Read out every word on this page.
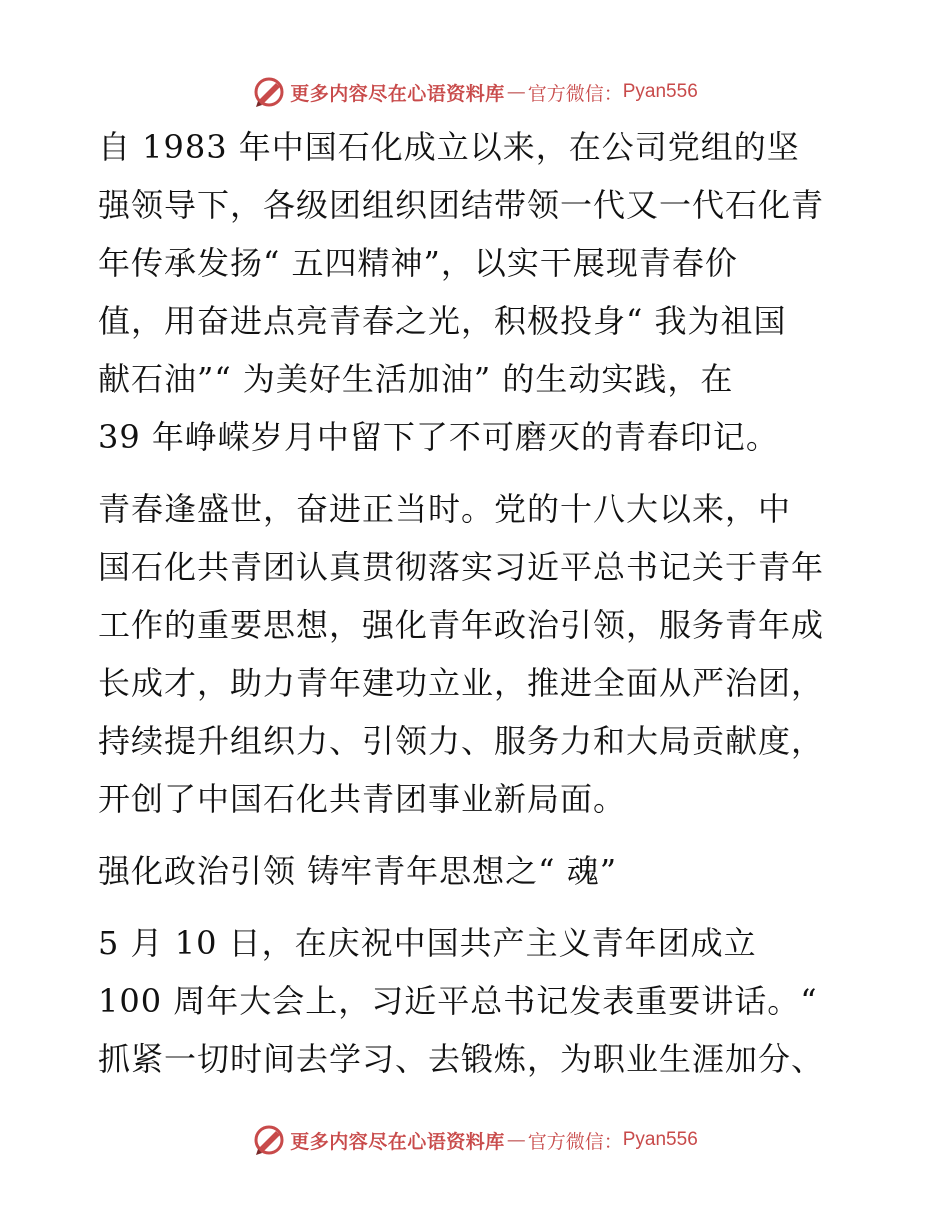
更多内容尽在心语资料库 — 官方微信： Pyan556
自 1983 年中国石化成立以来，在公司党组的坚
强领导下，各级团组织团结带领一代又一代石化青
年传承发扬“ 五四精神”，以实干展现青春价
值，用奋进点亮青春之光，积极投身“ 我为祖国
献石油”“ 为美好生活加油” 的生动实践，在
39 年峥嵘岁月中留下了不可磨灭的青春印记。
青春逢盛世，奋进正当时。党的十八大以来，中
国石化共青团认真贯彻落实习近平总书记关于青年
工作的重要思想，强化青年政治引领，服务青年成
长成才，助力青年建功立业，推进全面从严治团，
持续提升组织力、引领力、服务力和大局贡献度，
开创了中国石化共青团事业新局面。
强化政治引领 铸牢青年思想之“ 魂”
5 月 10 日，在庆祝中国共产主义青年团成立
100 周年大会上，习近平总书记发表重要讲话。“
抓紧一切时间去学习、去锻炼，为职业生涯加分、
更多内容尽在心语资料库 — 官方微信： Pyan556
